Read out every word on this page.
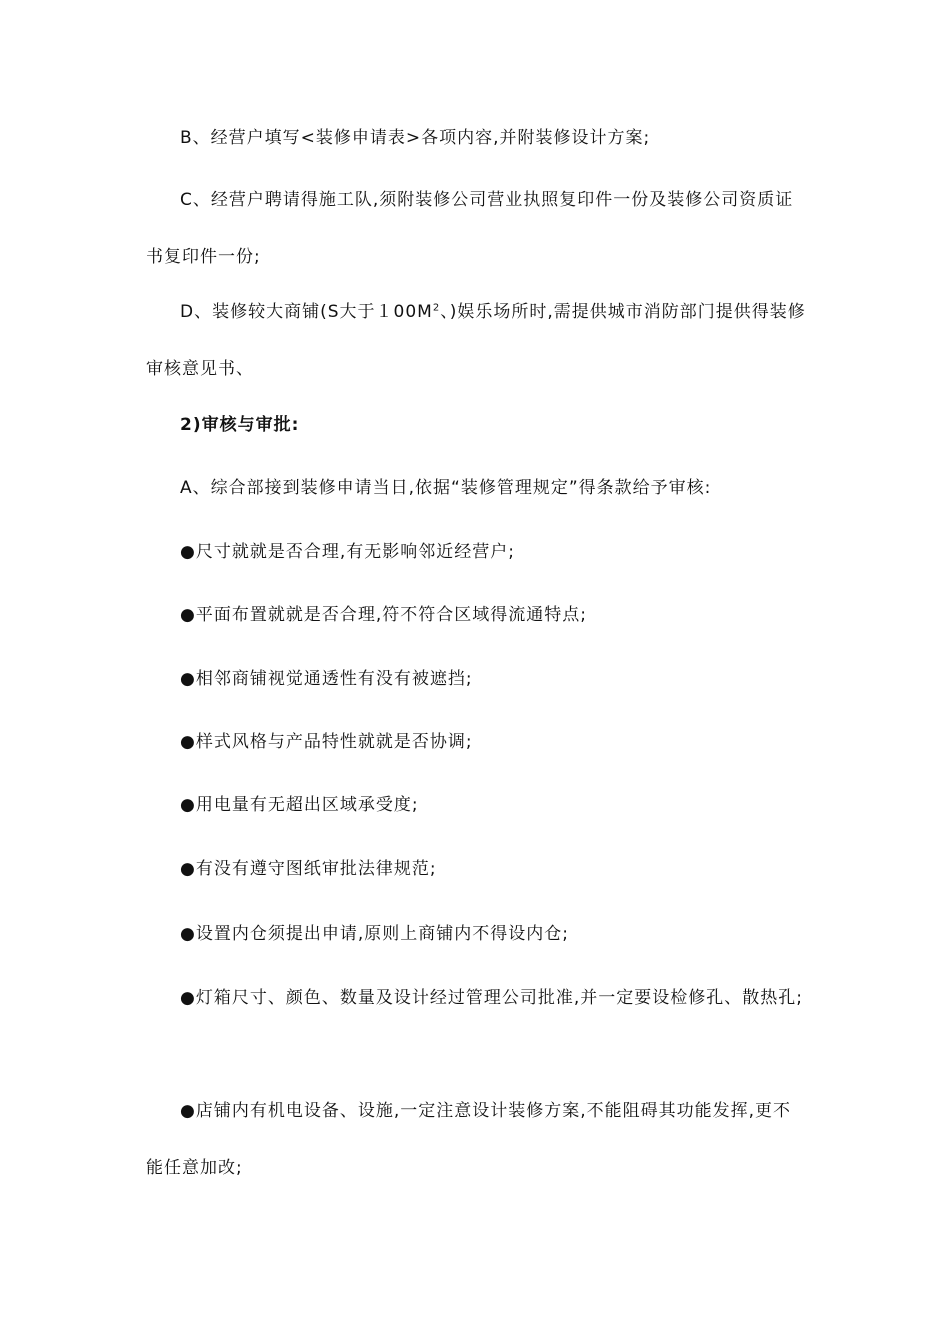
B、经营户填写<装修申请表>各项内容,并附装修设计方案;
C、经营户聘请得施工队,须附装修公司营业执照复印件一份及装修公司资质证书复印件一份;
D、装修较大商铺(S大于$100M^2$、)娱乐场所时,需提供城市消防部门提供得装修审核意见书、
2)审核与审批:
A、综合部接到装修申请当日,依据“装修管理规定”得条款给予审核:
●尺寸就就是否合理,有无影响邻近经营户;
●平面布置就就是否合理,符不符合区域得流通特点;
●相邻商铺视觉通透性有没有被遮挡;
●样式风格与产品特性就就是否协调;
●用电量有无超出区域承受度;
●有没有遵守图纸审批法律规范;
●设置内仓须提出申请,原则上商铺内不得设内仓;
●灯箱尺寸、颜色、数量及设计经过管理公司批准,并一定要设检修孔、散热孔;
●店铺内有机电设备、设施,一定注意设计装修方案,不能阻碍其功能发挥,更不能任意加改;
